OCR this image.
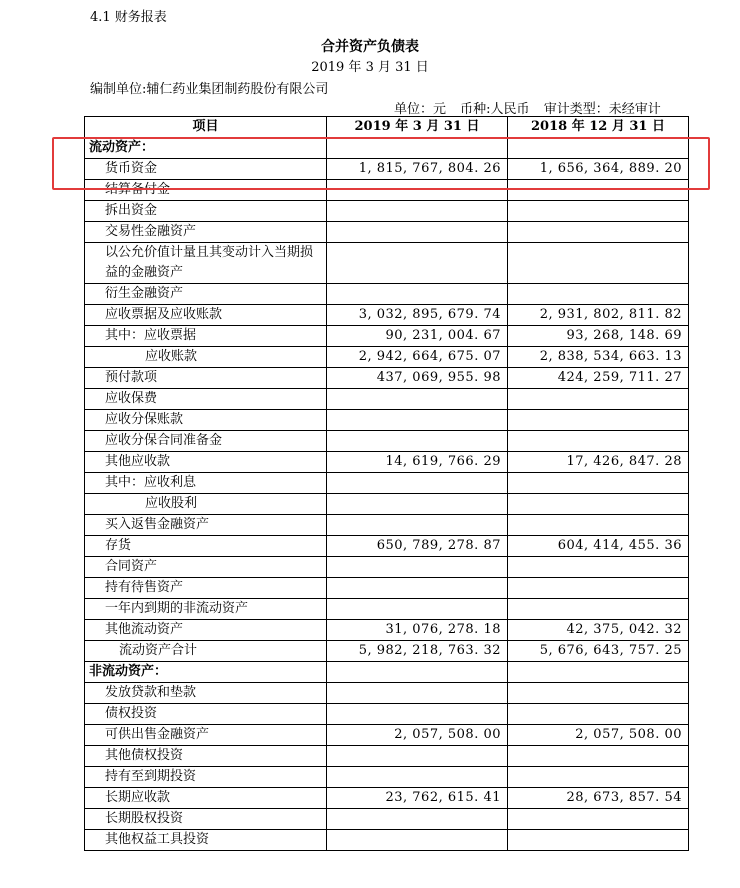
4.1 财务报表
合并资产负债表
2019 年 3 月 31 日
编制单位:辅仁药业集团制药股份有限公司
单位：元 币种:人民币 审计类型：未经审计
项目	2019 年 3 月 31 日	2018 年 12 月 31 日
流动资产：		
货币资金	1, 815, 767, 804. 26	1, 656, 364, 889. 20
结算备付金		
拆出资金		
交易性金融资产		
以公允价值计量且其变动计入当期损益的金融资产		
衍生金融资产		
应收票据及应收账款	3, 032, 895, 679. 74	2, 931, 802, 811. 82
其中：应收票据	90, 231, 004. 67	93, 268, 148. 69
应收账款	2, 942, 664, 675. 07	2, 838, 534, 663. 13
预付款项	437, 069, 955. 98	424, 259, 711. 27
应收保费		
应收分保账款		
应收分保合同准备金		
其他应收款	14, 619, 766. 29	17, 426, 847. 28
其中：应收利息		
应收股利		
买入返售金融资产		
存货	650, 789, 278. 87	604, 414, 455. 36
合同资产		
持有待售资产		
一年内到期的非流动资产		
其他流动资产	31, 076, 278. 18	42, 375, 042. 32
流动资产合计	5, 982, 218, 763. 32	5, 676, 643, 757. 25
非流动资产：		
发放贷款和垫款		
债权投资		
可供出售金融资产	2, 057, 508. 00	2, 057, 508. 00
其他债权投资		
持有至到期投资		
长期应收款	23, 762, 615. 41	28, 673, 857. 54
长期股权投资		
其他权益工具投资		
